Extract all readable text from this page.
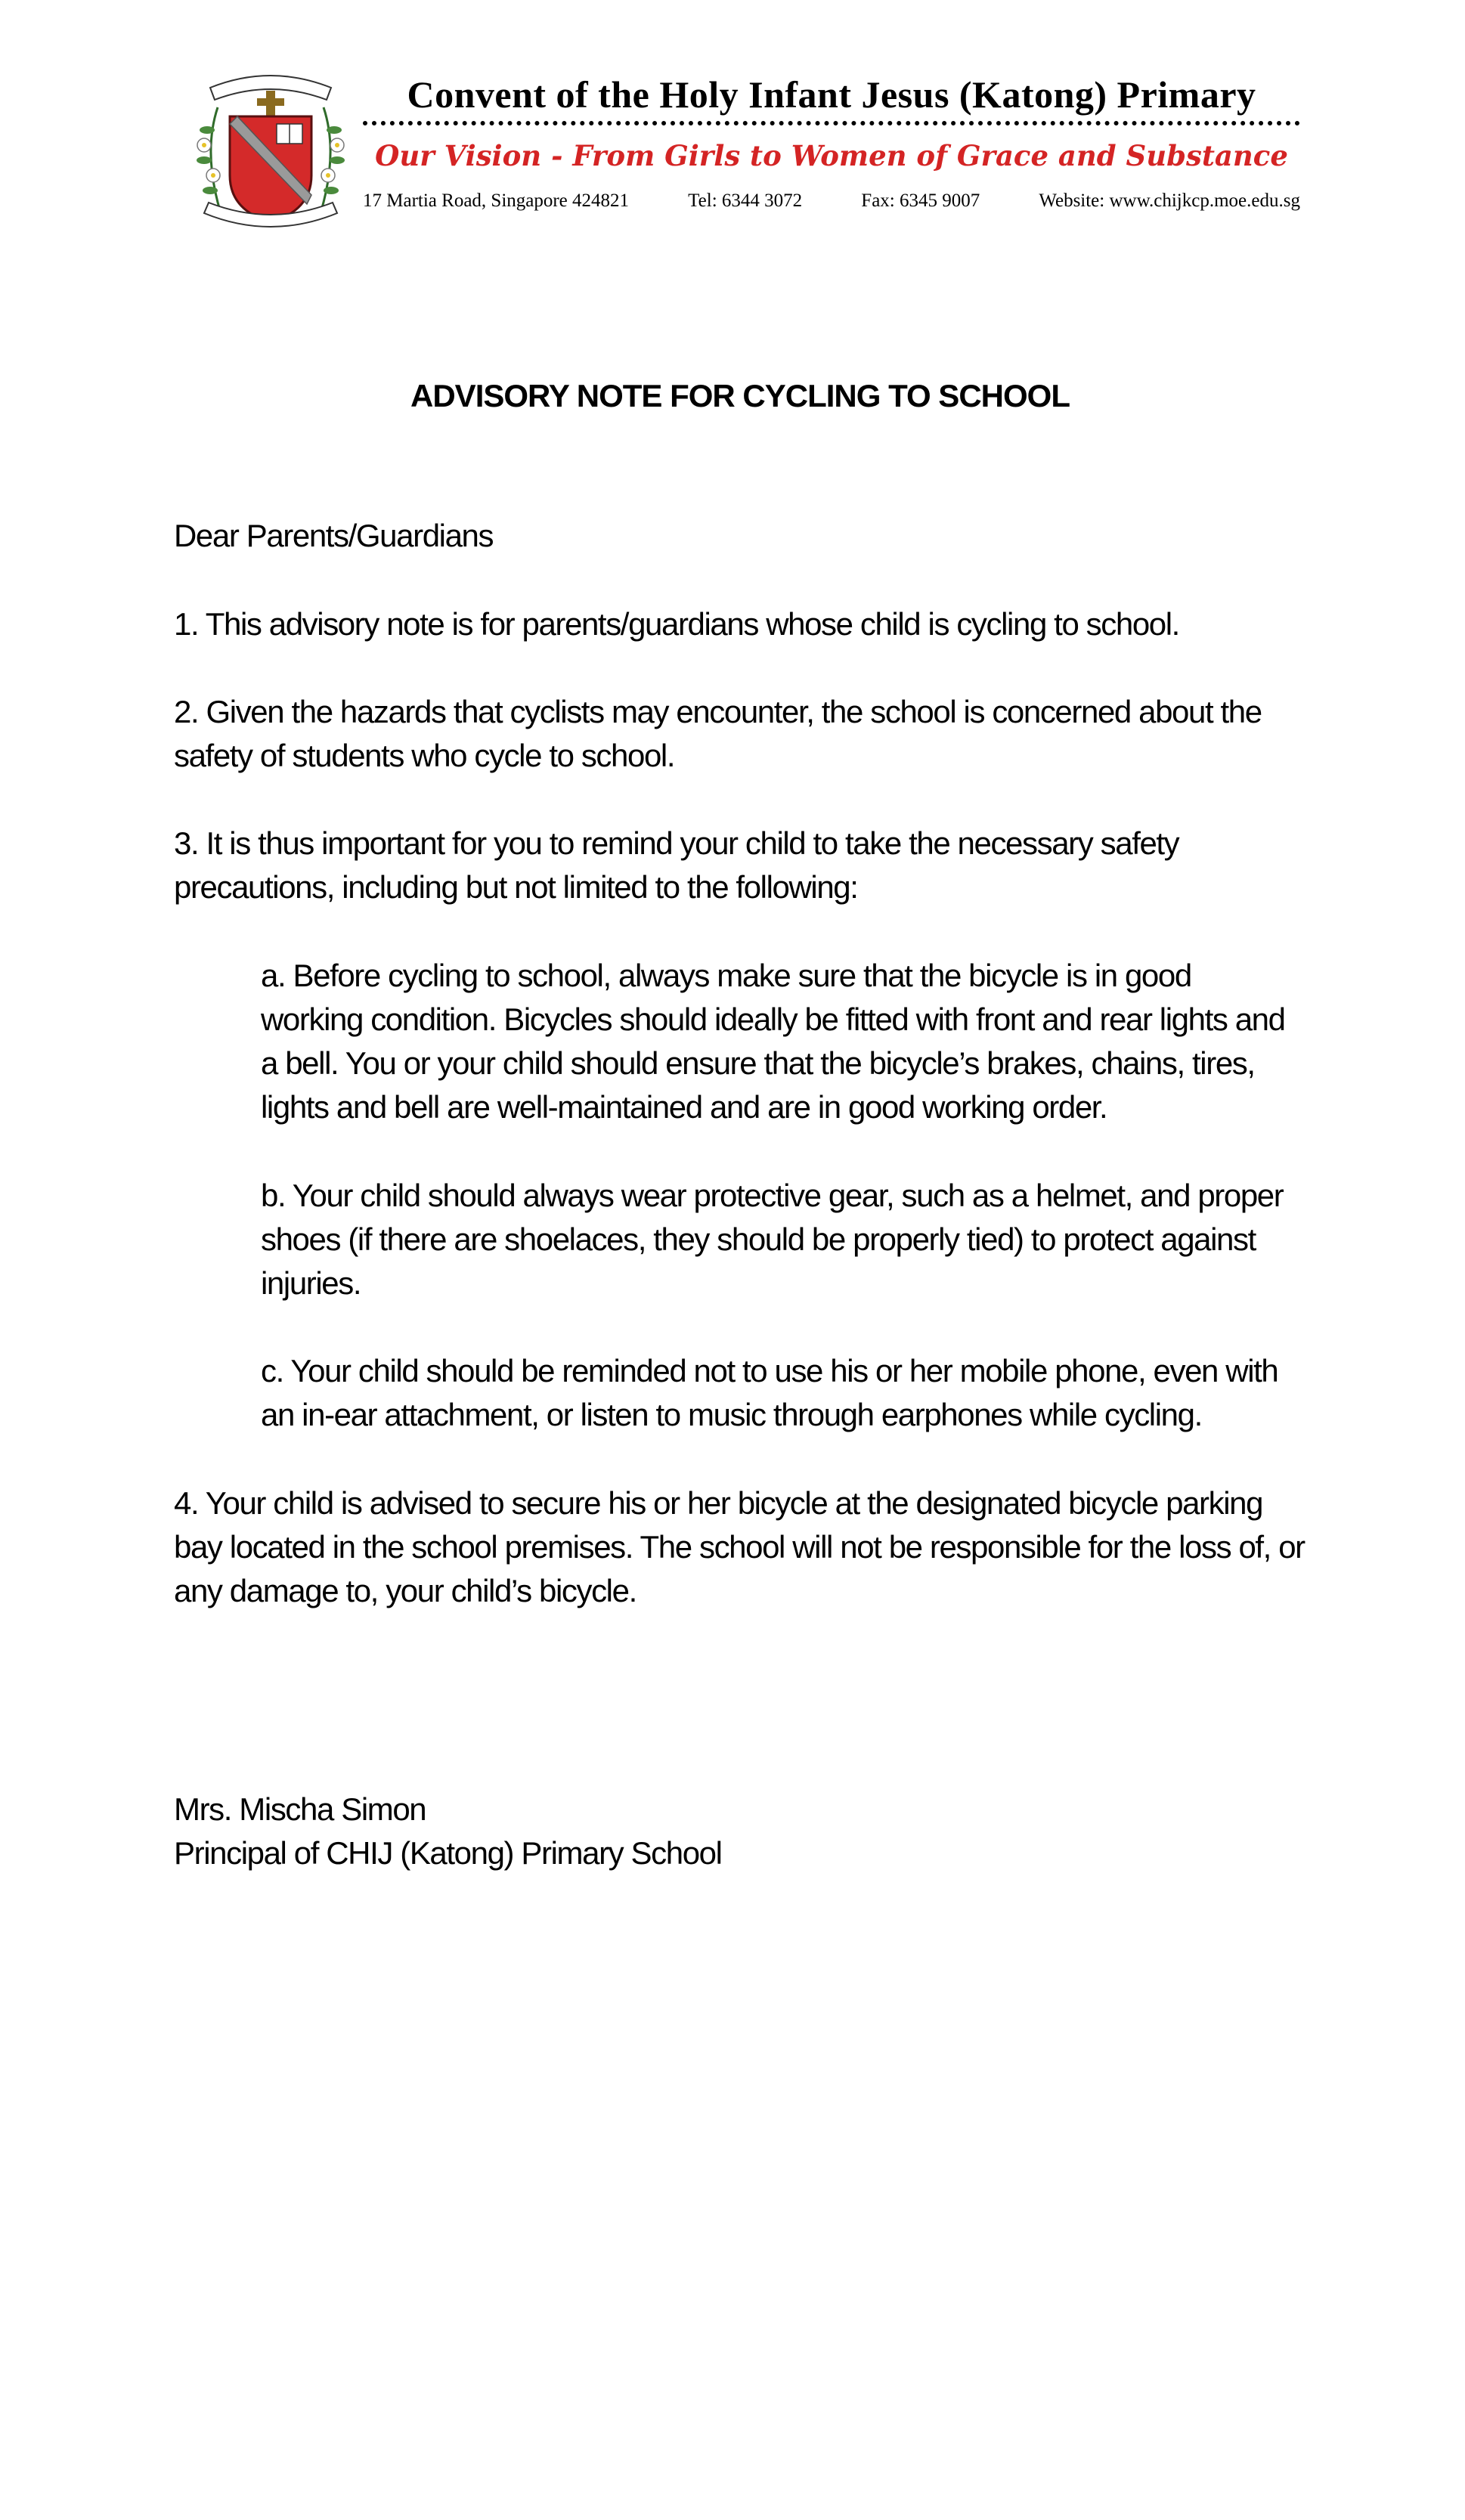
Convent of the Holy Infant Jesus (Katong) Primary
Our Vision - From Girls to Women of Grace and Substance
17 Martia Road, Singapore 424821	Tel: 6344 3072	Fax: 6345 9007	Website: www.chijkcp.moe.edu.sg
ADVISORY NOTE FOR CYCLING TO SCHOOL
Dear Parents/Guardians
1. This advisory note is for parents/guardians whose child is cycling to school.
2. Given the hazards that cyclists may encounter, the school is concerned about the
safety of students who cycle to school.
3. It is thus important for you to remind your child to take the necessary safety
precautions, including but not limited to the following:
a. Before cycling to school, always make sure that the bicycle is in good
working condition. Bicycles should ideally be fitted with front and rear lights and
a bell. You or your child should ensure that the bicycle’s brakes, chains, tires,
lights and bell are well-maintained and are in good working order.
b. Your child should always wear protective gear, such as a helmet, and proper
shoes (if there are shoelaces, they should be properly tied) to protect against
injuries.
c. Your child should be reminded not to use his or her mobile phone, even with
an in-ear attachment, or listen to music through earphones while cycling.
4. Your child is advised to secure his or her bicycle at the designated bicycle parking
bay located in the school premises. The school will not be responsible for the loss of, or
any damage to, your child’s bicycle.
Mrs. Mischa Simon
Principal of CHIJ (Katong) Primary School
